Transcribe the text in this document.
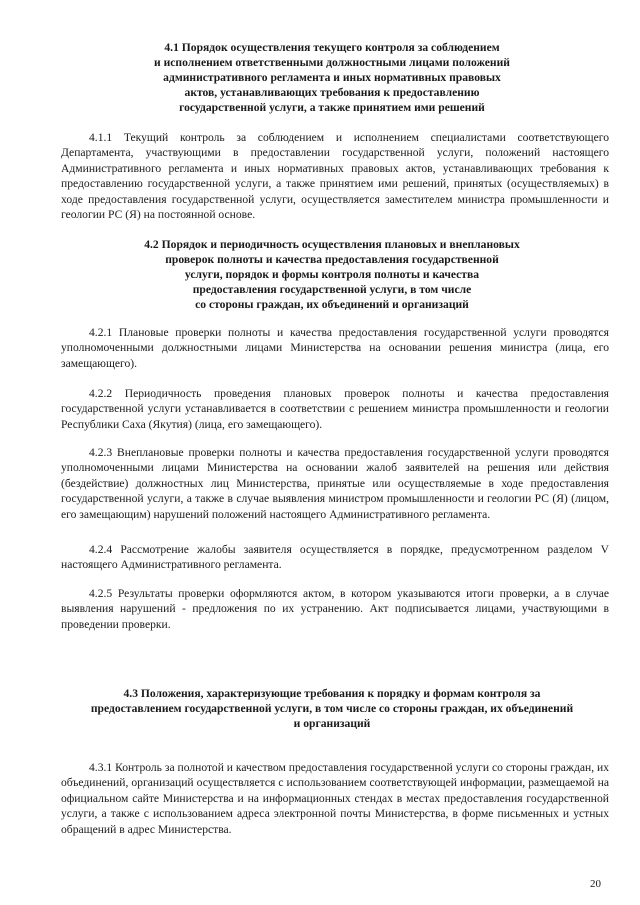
4.1 Порядок осуществления текущего контроля за соблюдением
и исполнением ответственными должностными лицами положений
административного регламента и иных нормативных правовых
актов, устанавливающих требования к предоставлению
государственной услуги, а также принятием ими решений

4.1.1 Текущий контроль за соблюдением и исполнением специалистами соответствующего Департамента, участвующими в предоставлении государственной услуги, положений настоящего Административного регламента и иных нормативных правовых актов, устанавливающих требования к предоставлению государственной услуги, а также принятием ими решений, принятых (осуществляемых) в ходе предоставления государственной услуги, осуществляется заместителем министра промышленности и геологии РС (Я) на постоянной основе.

4.2 Порядок и периодичность осуществления плановых и внеплановых
проверок полноты и качества предоставления государственной
услуги, порядок и формы контроля полноты и качества
предоставления государственной услуги, в том числе
со стороны граждан, их объединений и организаций

4.2.1 Плановые проверки полноты и качества предоставления государственной услуги проводятся уполномоченными должностными лицами Министерства на основании решения министра (лица, его замещающего).

4.2.2 Периодичность проведения плановых проверок полноты и качества предоставления государственной услуги устанавливается в соответствии с решением министра промышленности и геологии Республики Саха (Якутия) (лица, его замещающего).

4.2.3 Внеплановые проверки полноты и качества предоставления государственной услуги проводятся уполномоченными лицами Министерства на основании жалоб заявителей на решения или действия (бездействие) должностных лиц Министерства, принятые или осуществляемые в ходе предоставления государственной услуги, а также в случае выявления министром промышленности и геологии РС (Я) (лицом, его замещающим) нарушений положений настоящего Административного регламента.

4.2.4 Рассмотрение жалобы заявителя осуществляется в порядке, предусмотренном разделом V настоящего Административного регламента.

4.2.5 Результаты проверки оформляются актом, в котором указываются итоги проверки, а в случае выявления нарушений - предложения по их устранению. Акт подписывается лицами, участвующими в проведении проверки.

4.3 Положения, характеризующие требования к порядку и формам контроля за
предоставлением государственной услуги, в том числе со стороны граждан, их объединений
и организаций

4.3.1 Контроль за полнотой и качеством предоставления государственной услуги со стороны граждан, их объединений, организаций осуществляется с использованием соответствующей информации, размещаемой на официальном сайте Министерства и на информационных стендах в местах предоставления государственной услуги, а также с использованием адреса электронной почты Министерства, в форме письменных и устных обращений в адрес Министерства.

20
